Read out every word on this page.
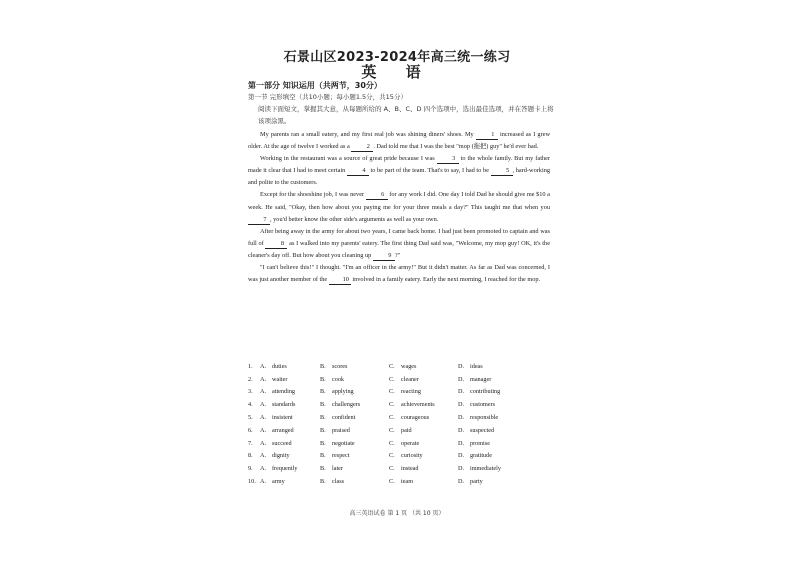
石景山区2023-2024年高三统一练习
英 语
第一部分 知识运用（共两节，30分）
第一节 完形填空（共10小题；每小题1.5分，共15分）
阅读下面短文，掌握其大意，从每题所给的 A、B、C、D 四个选项中，选出最佳选项，并在答题卡上将该项涂黑。

My parents ran a small eatery, and my first real job was shining diners' shoes. My 1 increased as I grew older. At the age of twelve I worked as a 2 . Dad told me that I was the best "mop (拖把) guy" he'd ever had.

Working in the restaurant was a source of great pride because I was 3 to the whole family. But my father made it clear that I had to meet certain 4 to be part of the team. That's to say, I had to be 5 , hard-working and polite to the customers.

Except for the shoeshine job, I was never 6 for any work I did. One day I told Dad he should give me $10 a week. He said, "Okay, then how about you paying me for your three meals a day?" This taught me that when you 7 , you'd better know the other side's arguments as well as your own.

After being away in the army for about two years, I came back home. I had just been promoted to captain and was full of 8 as I walked into my parents' eatery. The first thing Dad said was, "Welcome, my mop guy! OK, it's the cleaner's day off. But how about you cleaning up 9 ?"

"I can't believe this!" I thought. "I'm an officer in the army!" But it didn't matter. As far as Dad was concerned, I was just another member of the 10 involved in a family eatery. Early the next morning, I reached for the mop.

1.	A. duties	B.	scores	C.	wages	D. ideas
2.	A. waiter	B.	cook	C.	cleaner	D. manager
3.	A. attending	B.	applying	C.	reacting	D. contributing
4.	A. standards	B.	challengers	C.	achievements	D. customers
5.	A. insistent	B.	confident	C.	courageous	D. responsible
6.	A. arranged	B.	praised	C.	paid	D. suspected
7.	A. succeed	B.	negotiate	C.	operate	D. promise
8.	A. dignity	B.	respect	C.	curiosity	D. gratitude
9.	A. frequently	B.	later	C.	instead	D. immediately
10. A. army	B.	class	C.	team	D. party
高三英语试卷 第 1 页 （共 10 页）
